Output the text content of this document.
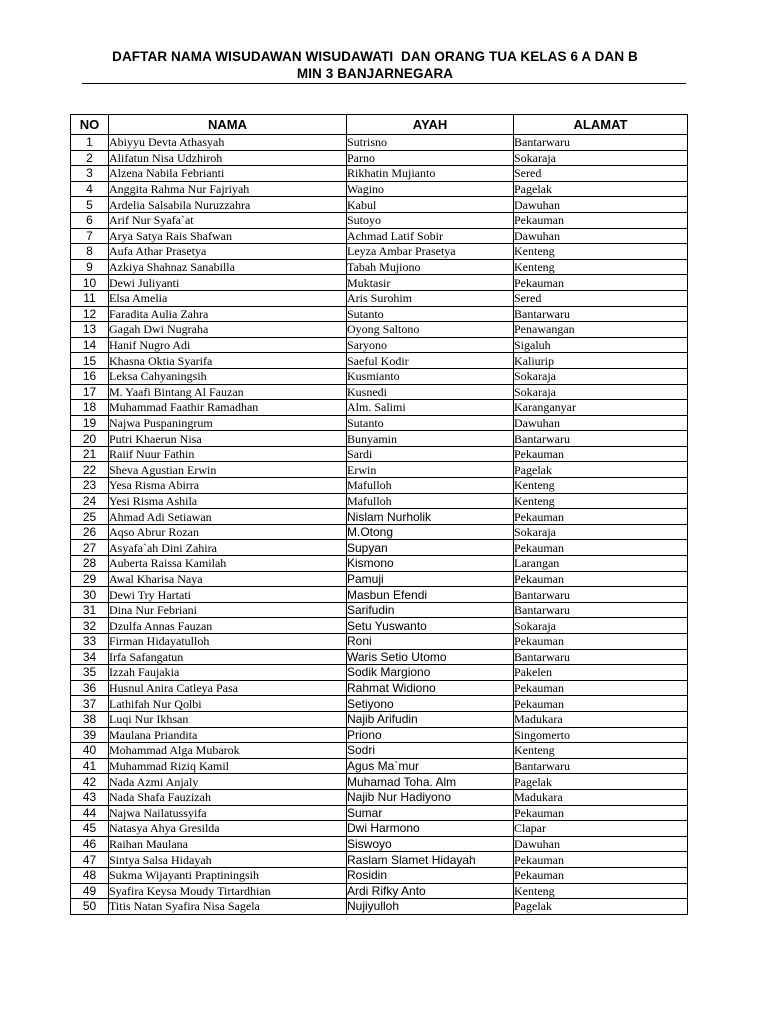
DAFTAR NAMA WISUDAWAN WISUDAWATI  DAN ORANG TUA KELAS 6 A DAN B
MIN 3 BANJARNEGARA
NO	NAMA	AYAH	ALAMAT
1	Abiyyu Devta Athasyah	Sutrisno	Bantarwaru
2	Alifatun Nisa Udzhiroh	Parno	Sokaraja
3	Alzena Nabila Febrianti	Rikhatin Mujianto	Sered
4	Anggita Rahma Nur Fajriyah	Wagino	Pagelak
5	Ardelia Salsabila Nuruzzahra	Kabul	Dawuhan
6	Arif Nur Syafa`at	Sutoyo	Pekauman
7	Arya Satya Rais Shafwan	Achmad Latif Sobir	Dawuhan
8	Aufa Athar Prasetya	Leyza Ambar Prasetya	Kenteng
9	Azkiya Shahnaz Sanabilla	Tabah Mujiono	Kenteng
10	Dewi Juliyanti	Muktasir	Pekauman
11	Elsa Amelia	Aris Surohim	Sered
12	Faradita Aulia Zahra	Sutanto	Bantarwaru
13	Gagah Dwi Nugraha	Oyong Saltono	Penawangan
14	Hanif Nugro Adi	Saryono	Sigaluh
15	Khasna Oktia Syarifa	Saeful Kodir	Kaliurip
16	Leksa Cahyaningsih	Kusmianto	Sokaraja
17	M. Yaafi Bintang Al Fauzan	Kusnedi	Sokaraja
18	Muhammad Faathir Ramadhan	Alm. Salimi	Karanganyar
19	Najwa Puspaningrum	Sutanto	Dawuhan
20	Putri Khaerun Nisa	Bunyamin	Bantarwaru
21	Raiif Nuur Fathin	Sardi	Pekauman
22	Sheva Agustian Erwin	Erwin	Pagelak
23	Yesa Risma Abirra	Mafulloh	Kenteng
24	Yesi Risma Ashila	Mafulloh	Kenteng
25	Ahmad Adi Setiawan	Nislam Nurholik	Pekauman
26	Aqso Abrur Rozan	M.Otong	Sokaraja
27	Asyafa`ah Dini Zahira	Supyan	Pekauman
28	Auberta Raissa Kamilah	Kismono	Larangan
29	Awal Kharisa Naya	Pamuji	Pekauman
30	Dewi Try Hartati	Masbun Efendi	Bantarwaru
31	Dina Nur Febriani	Sarifudin	Bantarwaru
32	Dzulfa Annas Fauzan	Setu Yuswanto	Sokaraja
33	Firman Hidayatulloh	Roni	Pekauman
34	Irfa Safangatun	Waris Setio Utomo	Bantarwaru
35	Izzah Faujakia	Sodik Margiono	Pakelen
36	Husnul Anira Catleya Pasa	Rahmat Widiono	Pekauman
37	Lathifah Nur Qolbi	Setiyono	Pekauman
38	Luqi Nur Ikhsan	Najib Arifudin	Madukara
39	Maulana Priandita	Priono	Singomerto
40	Mohammad Alga Mubarok	Sodri	Kenteng
41	Muhammad Riziq Kamil	Agus Ma`mur	Bantarwaru
42	Nada Azmi Anjaly	Muhamad Toha. Alm	Pagelak
43	Nada Shafa Fauzizah	Najib Nur Hadiyono	Madukara
44	Najwa Nailatussyifa	Sumar	Pekauman
45	Natasya Ahya Gresilda	Dwi Harmono	Clapar
46	Raihan Maulana	Siswoyo	Dawuhan
47	Sintya Salsa Hidayah	Raslam Slamet Hidayah	Pekauman
48	Sukma Wijayanti Praptiningsih	Rosidin	Pekauman
49	Syafira Keysa Moudy Tirtardhian	Ardi Rifky Anto	Kenteng
50	Titis Natan Syafira Nisa Sagela	Nujiyulloh	Pagelak
